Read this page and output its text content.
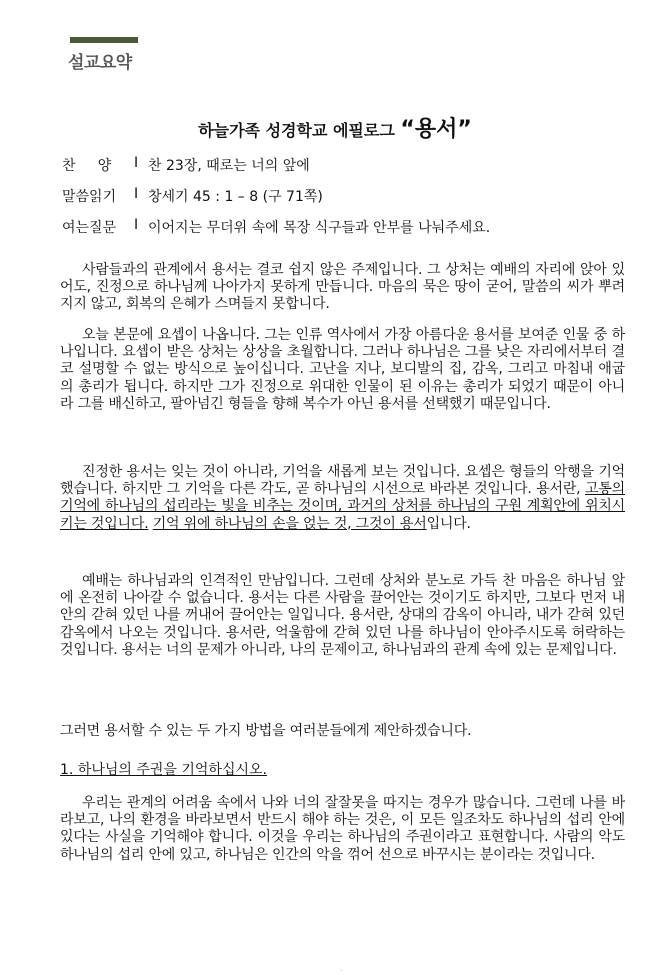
설교요약
하늘가족 성경학교 에필로그 “용서”
찬     양	I 찬 23장, 때로는 너의 앞에
말씀읽기	I 창세기 45 : 1 – 8 (구 71쪽)
여는질문	I 이어지는 무더위 속에 목장 식구들과 안부를 나눠주세요.

사람들과의 관계에서 용서는 결코 쉽지 않은 주제입니다. 그 상처는 예배의 자리에 앉아 있어도, 진정으로 하나님께 나아가지 못하게 만듭니다. 마음의 묵은 땅이 굳어, 말씀의 씨가 뿌려지지 않고, 회복의 은혜가 스며들지 못합니다.

오늘 본문에 요셉이 나옵니다. 그는 인류 역사에서 가장 아름다운 용서를 보여준 인물 중 하나입니다. 요셉이 받은 상처는 상상을 초월합니다. 그러나 하나님은 그를 낮은 자리에서부터 결코 설명할 수 없는 방식으로 높이십니다. 고난을 지나, 보디발의 집, 감옥, 그리고 마침내 애굽의 총리가 됩니다. 하지만 그가 진정으로 위대한 인물이 된 이유는 총리가 되었기 때문이 아니라 그를 배신하고, 팔아넘긴 형들을 향해 복수가 아닌 용서를 선택했기 때문입니다.

진정한 용서는 잊는 것이 아니라, 기억을 새롭게 보는 것입니다. 요셉은 형들의 악행을 기억했습니다. 하지만 그 기억을 다른 각도, 곧 하나님의 시선으로 바라본 것입니다. 용서란, 고통의 기억에 하나님의 섭리라는 빛을 비추는 것이며, 과거의 상처를 하나님의 구원 계획안에 위치시키는 것입니다. 기억 위에 하나님의 손을 얹는 것, 그것이 용서입니다.

예배는 하나님과의 인격적인 만남입니다. 그런데 상처와 분노로 가득 찬 마음은 하나님 앞에 온전히 나아갈 수 없습니다. 용서는 다른 사람을 끌어안는 것이기도 하지만, 그보다 먼저 내 안의 갇혀 있던 나를 꺼내어 끌어안는 일입니다. 용서란, 상대의 감옥이 아니라, 내가 갇혀 있던 감옥에서 나오는 것입니다. 용서란, 억울함에 갇혀 있던 나를 하나님이 안아주시도록 허락하는 것입니다. 용서는 너의 문제가 아니라, 나의 문제이고, 하나님과의 관계 속에 있는 문제입니다.

그러면 용서할 수 있는 두 가지 방법을 여러분들에게 제안하겠습니다.

1. 하나님의 주권을 기억하십시오.

우리는 관계의 어려움 속에서 나와 너의 잘잘못을 따지는 경우가 많습니다. 그런데 나를 바라보고, 나의 환경을 바라보면서 반드시 해야 하는 것은, 이 모든 일조차도 하나님의 섭리 안에 있다는 사실을 기억해야 합니다. 이것을 우리는 하나님의 주권이라고 표현합니다. 사람의 악도 하나님의 섭리 안에 있고, 하나님은 인간의 악을 꺾어 선으로 바꾸시는 분이라는 것입니다.

·
